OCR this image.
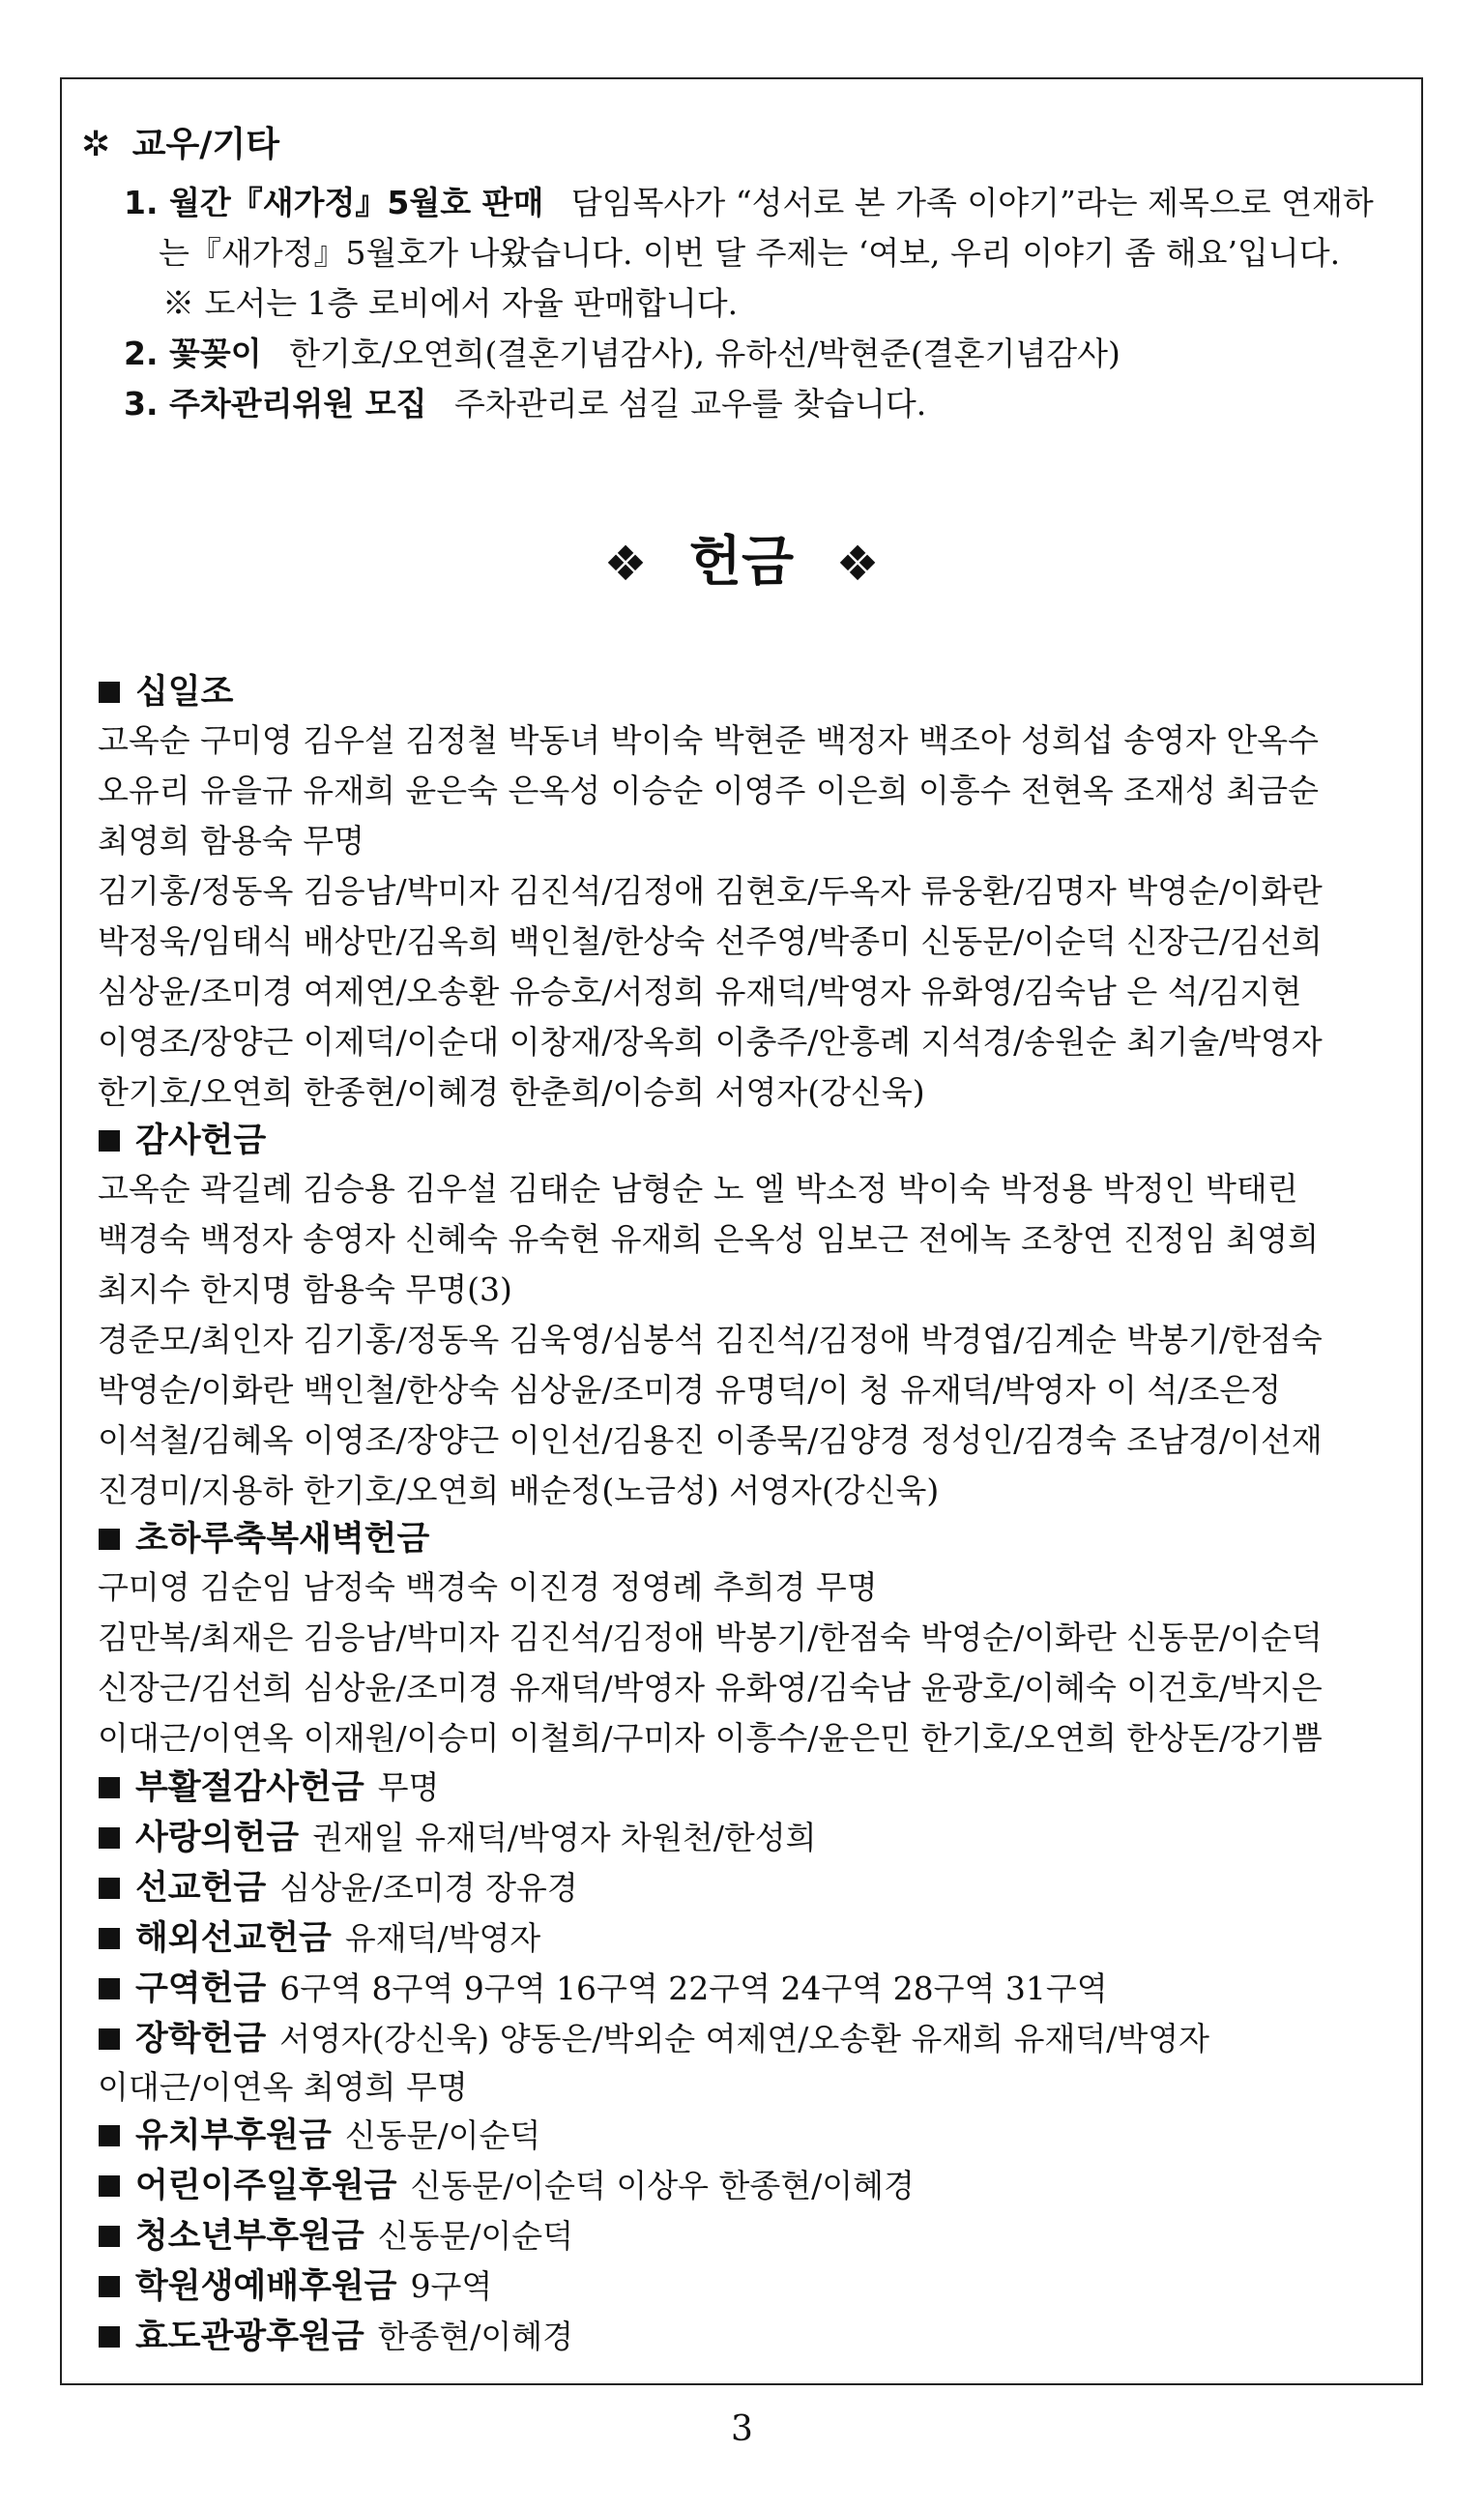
✲ 교우/기타
1. 월간『새가정』5월호 판매 담임목사가 “성서로 본 가족 이야기”라는 제목으로 연재하
는『새가정』5월호가 나왔습니다. 이번 달 주제는 ‘여보, 우리 이야기 좀 해요’입니다.
※ 도서는 1층 로비에서 자율 판매합니다.
2. 꽃꽂이 한기호/오연희(결혼기념감사), 유하선/박현준(결혼기념감사)
3. 주차관리위원 모집 주차관리로 섬길 교우를 찾습니다.
❖ 헌금 ❖
십일조
고옥순 구미영 김우설 김정철 박동녀 박이숙 박현준 백정자 백조아 성희섭 송영자 안옥수
오유리 유을규 유재희 윤은숙 은옥성 이승순 이영주 이은희 이흥수 전현옥 조재성 최금순
최영희 함용숙 무명
김기홍/정동옥 김응남/박미자 김진석/김정애 김현호/두옥자 류웅환/김명자 박영순/이화란
박정욱/임태식 배상만/김옥희 백인철/한상숙 선주영/박종미 신동문/이순덕 신장근/김선희
심상윤/조미경 여제연/오송환 유승호/서정희 유재덕/박영자 유화영/김숙남 은 석/김지현
이영조/장양근 이제덕/이순대 이창재/장옥희 이충주/안흥례 지석경/송원순 최기술/박영자
한기호/오연희 한종현/이혜경 한춘희/이승희 서영자(강신욱)
감사헌금
고옥순 곽길례 김승용 김우설 김태순 남형순 노 엘 박소정 박이숙 박정용 박정인 박태린
백경숙 백정자 송영자 신혜숙 유숙현 유재희 은옥성 임보근 전에녹 조창연 진정임 최영희
최지수 한지명 함용숙 무명(3)
경준모/최인자 김기홍/정동옥 김욱영/심봉석 김진석/김정애 박경엽/김계순 박봉기/한점숙
박영순/이화란 백인철/한상숙 심상윤/조미경 유명덕/이 청 유재덕/박영자 이 석/조은정
이석철/김혜옥 이영조/장양근 이인선/김용진 이종묵/김양경 정성인/김경숙 조남경/이선재
진경미/지용하 한기호/오연희 배순정(노금성) 서영자(강신욱)
초하루축복새벽헌금
구미영 김순임 남정숙 백경숙 이진경 정영례 추희경 무명
김만복/최재은 김응남/박미자 김진석/김정애 박봉기/한점숙 박영순/이화란 신동문/이순덕
신장근/김선희 심상윤/조미경 유재덕/박영자 유화영/김숙남 윤광호/이혜숙 이건호/박지은
이대근/이연옥 이재원/이승미 이철희/구미자 이흥수/윤은민 한기호/오연희 한상돈/강기쁨
부활절감사헌금 무명
사랑의헌금 권재일 유재덕/박영자 차원천/한성희
선교헌금 심상윤/조미경 장유경
해외선교헌금 유재덕/박영자
구역헌금 6구역 8구역 9구역 16구역 22구역 24구역 28구역 31구역
장학헌금 서영자(강신욱) 양동은/박외순 여제연/오송환 유재희 유재덕/박영자
이대근/이연옥 최영희 무명
유치부후원금 신동문/이순덕
어린이주일후원금 신동문/이순덕 이상우 한종현/이혜경
청소년부후원금 신동문/이순덕
학원생예배후원금 9구역
효도관광후원금 한종현/이혜경
3
